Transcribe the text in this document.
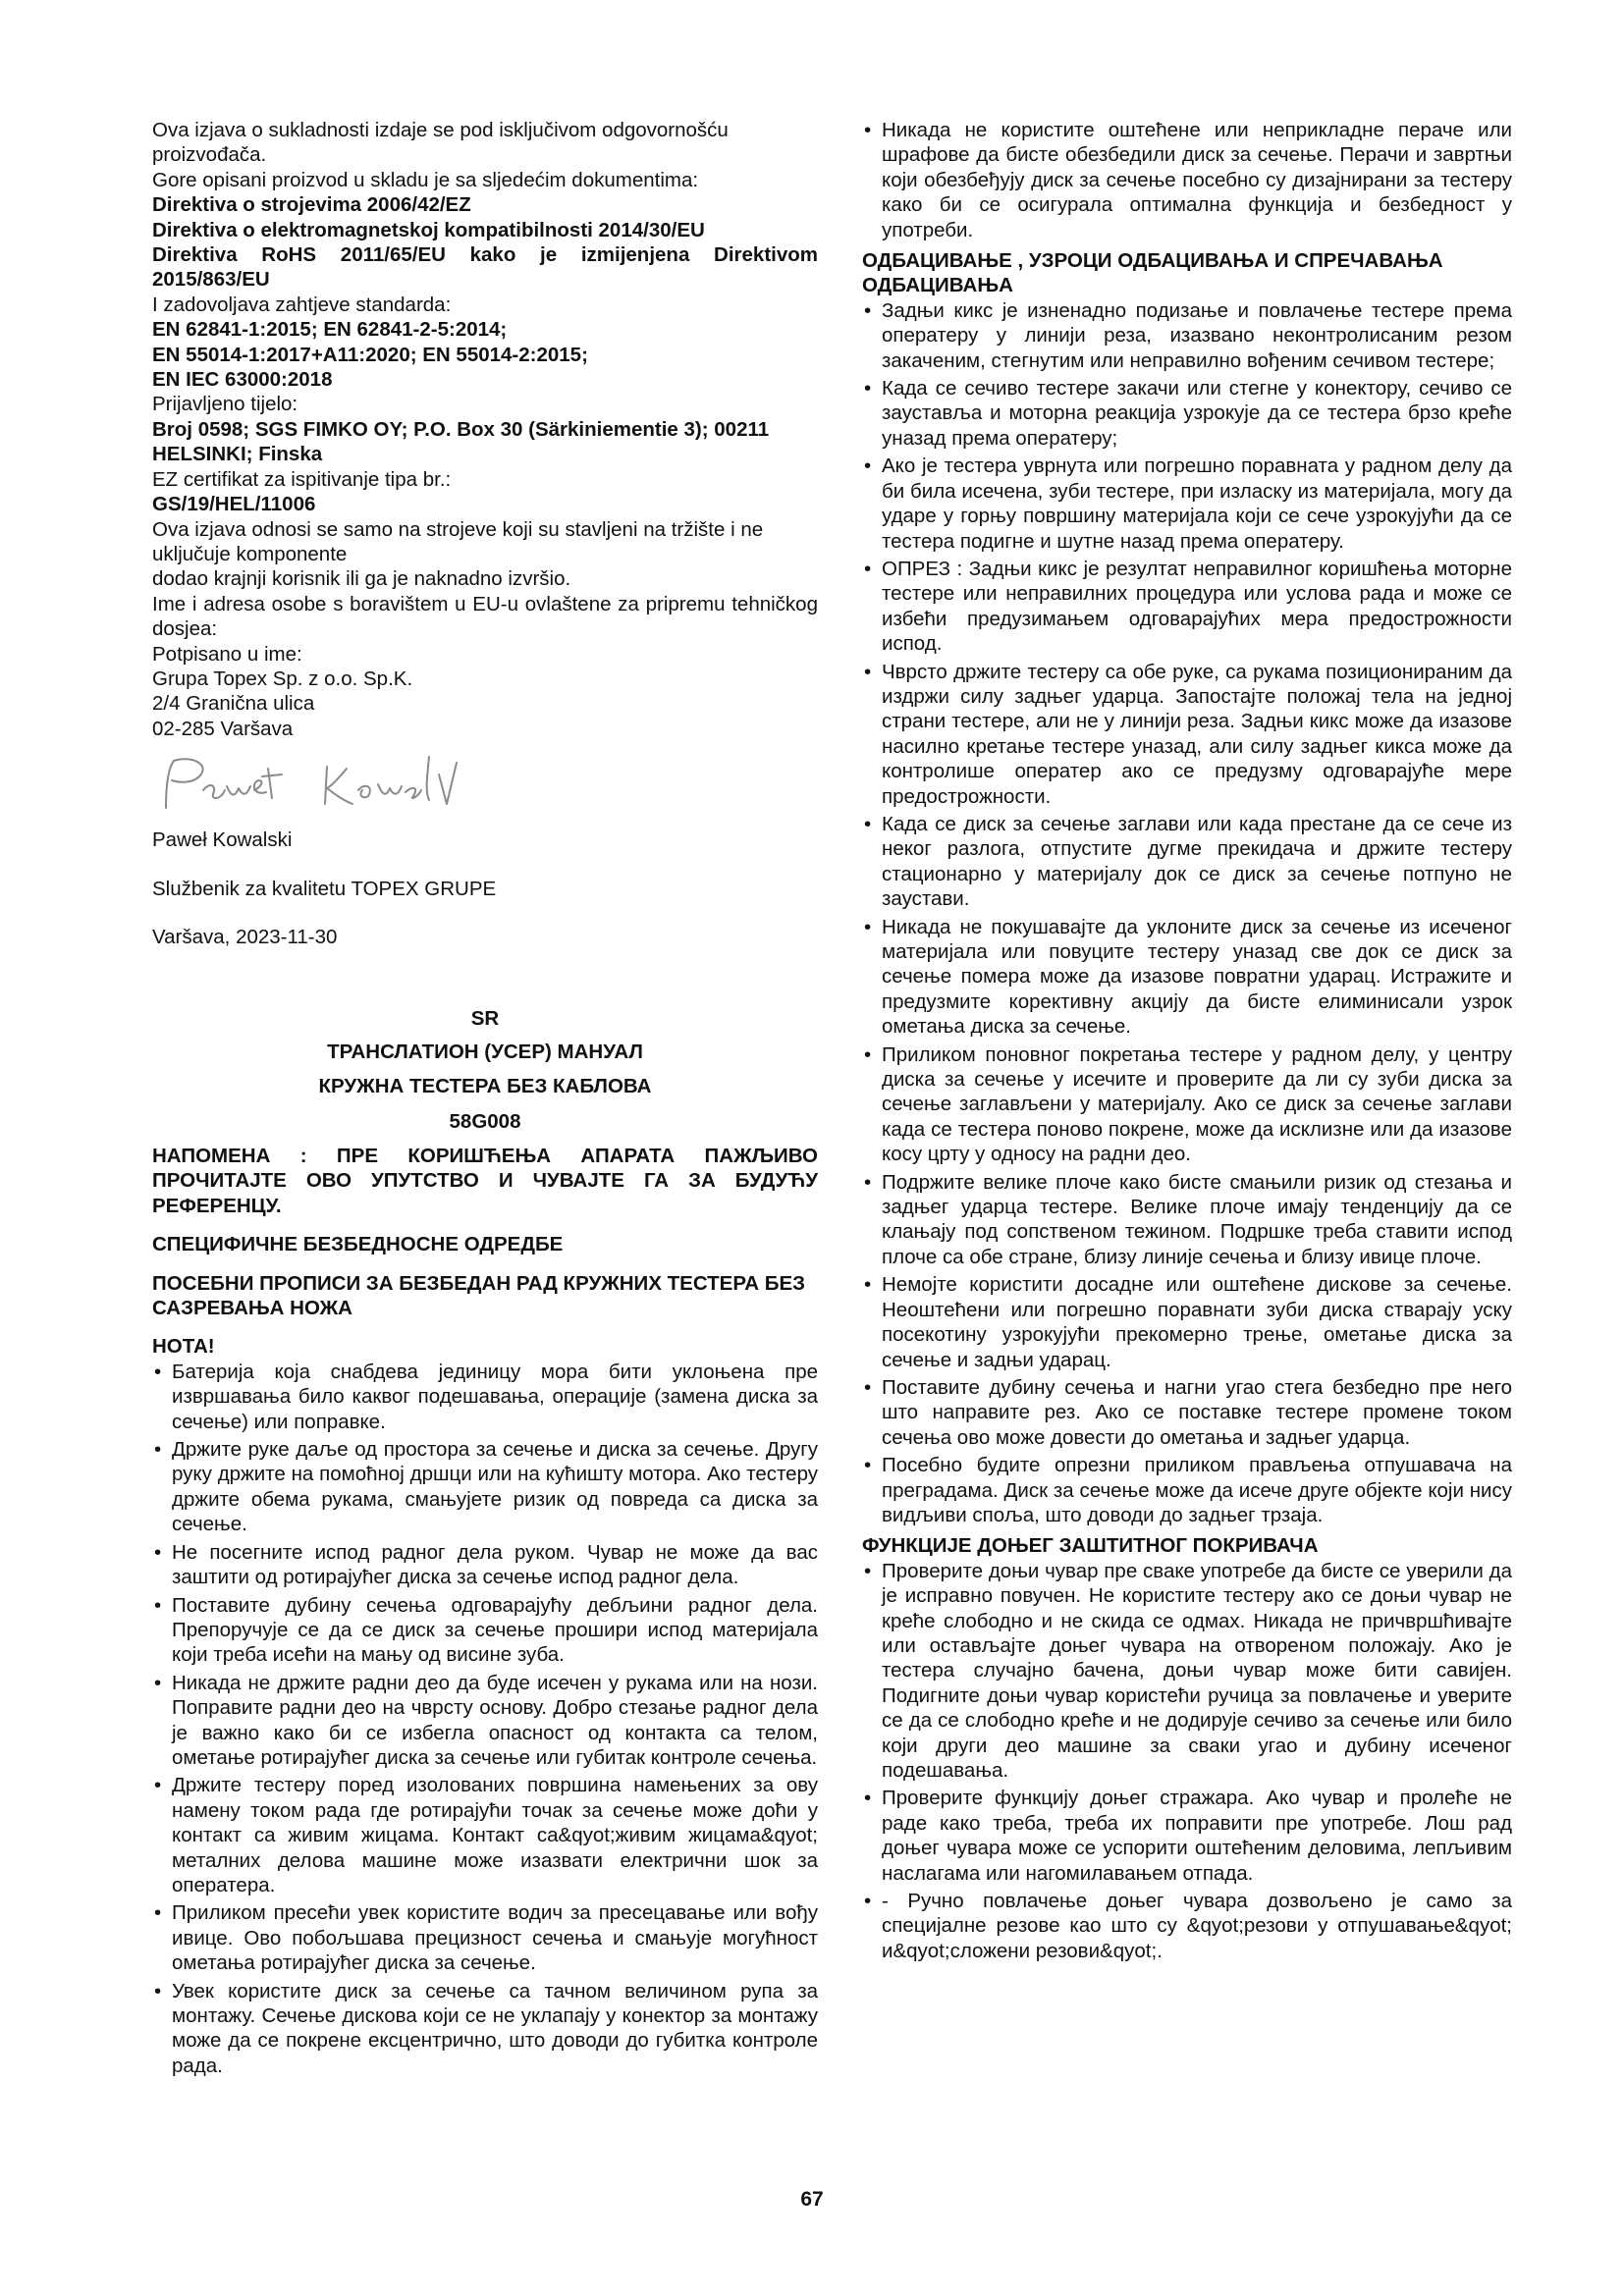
Ova izjava o sukladnosti izdaje se pod isključivom odgovornošću proizvođača.

Gore opisani proizvod u skladu je sa sljedećim dokumentima:

Direktiva o strojevima 2006/42/EZ

Direktiva o elektromagnetskoj kompatibilnosti 2014/30/EU

Direktiva RoHS 2011/65/EU kako je izmijenjena Direktivom 2015/863/EU

I zadovoljava zahtjeve standarda:

EN 62841-1:2015; EN 62841-2-5:2014;

EN 55014-1:2017+A11:2020; EN 55014-2:2015;

EN IEC 63000:2018

Prijavljeno tijelo:

Broj 0598; SGS FIMKO OY; P.O. Box 30 (Särkiniementie 3); 00211 HELSINKI; Finska

EZ certifikat za ispitivanje tipa br.:

GS/19/HEL/11006

Ova izjava odnosi se samo na strojeve koji su stavljeni na tržište i ne uključuje komponente

dodao krajnji korisnik ili ga je naknadno izvršio.

Ime i adresa osobe s boravištem u EU-u ovlaštene za pripremu tehničkog dosjea:

Potpisano u ime:

Grupa Topex Sp. z o.o. Sp.K.

2/4 Granična ulica

02-285 Varšava

Paweł Kowalski

Službenik za kvalitetu TOPEX GRUPE

Varšava, 2023-11-30

SR

ТРАНСЛАТИОН (УСЕР) МАНУАЛ

КРУЖНА ТЕСТЕРА БЕЗ КАБЛОВА

58G008

НАПОМЕНА : ПРЕ КОРИШЋЕЊА АПАРАТА ПАЖЉИВО ПРОЧИТАЈТЕ ОВО УПУТСТВО И ЧУВАЈТЕ ГА ЗА БУДУЋУ РЕФЕРЕНЦУ.

СПЕЦИФИЧНЕ БЕЗБЕДНОСНЕ ОДРЕДБЕ

ПОСЕБНИ ПРОПИСИ ЗА БЕЗБЕДАН РАД КРУЖНИХ ТЕСТЕРА БЕЗ САЗРЕВАЊА НОЖА

НОТА!

• Батерија која снабдева јединицу мора бити уклоњена пре извршавања било каквог подешавања, операције (замена диска за сечење) или поправке.
• Држите руке даље од простора за сечење и диска за сечење. Другу руку држите на помоћној дршци или на кућишту мотора. Ако тестеру држите обема рукама, смањујете ризик од повреда са диска за сечење.
• Не посегните испод радног дела руком. Чувар не може да вас заштити од ротирајућег диска за сечење испод радног дела.
• Поставите дубину сечења одговарајућу дебљини радног дела. Препоручује се да се диск за сечење прошири испод материјала који треба исећи на мању од висине зуба.
• Никада не држите радни део да буде исечен у рукама или на нози. Поправите радни део на чврсту основу. Добро стезање радног дела је важно како би се избегла опасност од контакта са телом, ометање ротирајућег диска за сечење или губитак контроле сечења.
• Држите тестеру поред изолованих површина намењених за ову намену током рада где ротирајући точак за сечење може доћи у контакт са живим жицама. Контакт са&qyot;живим жицама&qyot; металних делова машине може изазвати електрични шок за оператера.
• Приликом пресећи увек користите водич за пресецавање или вођу ивице. Ово побољшава прецизност сечења и смањује могућност ометања ротирајућег диска за сечење.
• Увек користите диск за сечење са тачном величином рупа за монтажу. Сечење дискова који се не уклапају у конектор за монтажу може да се покрене ексцентрично, што доводи до губитка контроле рада.
• Никада не користите оштећене или неприкладне пераче или шрафове да бисте обезбедили диск за сечење. Перачи и завртњи који обезбеђују диск за сечење посебно су дизајнирани за тестеру како би се осигурала оптимална функција и безбедност у употреби.

ОДБАЦИВАЊЕ , УЗРОЦИ ОДБАЦИВАЊА И СПРЕЧАВАЊА ОДБАЦИВАЊА

• Задњи кикс је изненадно подизање и повлачење тестере према оператеру у линији реза, изазвано неконтролисаним резом закаченим, стегнутим или неправилно вођеним сечивом тестере;
• Када се сечиво тестере закачи или стегне у конектору, сечиво се зауставља и моторна реакција узрокује да се тестера брзо креће уназад према оператеру;
• Ако је тестера уврнута или погрешно поравната у радном делу да би била исечена, зуби тестере, при изласку из материјала, могу да ударе у горњу површину материјала који се сече узрокујући да се тестера подигне и шутне назад према оператеру.
• ОПРЕЗ : Задњи кикс је резултат неправилног коришћења моторне тестере или неправилних процедура или услова рада и може се избећи предузимањем одговарајућих мера предострожности испод.
• Чврсто држите тестеру са обе руке, са рукама позиционираним да издржи силу задњег ударца. Запостајте положај тела на једној страни тестере, али не у линији реза. Задњи кикс може да изазове насилно кретање тестере уназад, али силу задњег кикса може да контролише оператер ако се предузму одговарајуће мере предострожности.
• Када се диск за сечење заглави или када престане да се сече из неког разлога, отпустите дугме прекидача и држите тестеру стационарно у материјалу док се диск за сечење потпуно не заустави.
• Никада не покушавајте да уклоните диск за сечење из исеченог материјала или повуците тестеру уназад све док се диск за сечење помера може да изазове повратни ударац. Истражите и предузмите корективну акцију да бисте елиминисали узрок ометања диска за сечење.
• Приликом поновног покретања тестере у радном делу, у центру диска за сечење у исечите и проверите да ли су зуби диска за сечење заглављени у материјалу. Ако се диск за сечење заглави када се тестера поново покрене, може да исклизне или да изазове косу црту у односу на радни део.
• Подржите велике плоче како бисте смањили ризик од стезања и задњег ударца тестере. Велике плоче имају тенденцију да се клањају под сопственом тежином. Подршке треба ставити испод плоче са обе стране, близу линије сечења и близу ивице плоче.
• Немојте користити досадне или оштећене дискове за сечење. Неоштећени или погрешно поравнати зуби диска стварају уску посекотину узрокујући прекомерно трење, ометање диска за сечење и задњи ударац.
• Поставите дубину сечења и нагни угао стега безбедно пре него што направите рез. Ако се поставке тестере промене током сечења ово може довести до ометања и задњег ударца.
• Посебно будите опрезни приликом прављења отпушавача на преградама. Диск за сечење може да исече друге објекте који нису видљиви споља, што доводи до задњег трзаја.

ФУНКЦИЈЕ ДОЊЕГ ЗАШТИТНОГ ПОКРИВАЧА

• Проверите доњи чувар пре сваке употребе да бисте се уверили да је исправно повучен. Не користите тестеру ако се доњи чувар не креће слободно и не скида се одмах. Никада не причвршћивајте или остављајте доњег чувара на отвореном положају. Ако је тестера случајно бачена, доњи чувар може бити савијен. Подигните доњи чувар користећи ручица за повлачење и уверите се да се слободно креће и не додирује сечиво за сечење или било који други део машине за сваки угао и дубину исеченог подешавања.
• Проверите функцију доњег стражара. Ако чувар и пролеће не раде како треба, треба их поправити пре употребе. Лош рад доњег чувара може се успорити оштећеним деловима, лепљивим наслагама или нагомилавањем отпада.
• - Ручно повлачење доњег чувара дозвољено је само за специјалне резове као што су &qyot;резови у отпушавање&qyot; и&qyot;сложени резови&qyot;.
67
